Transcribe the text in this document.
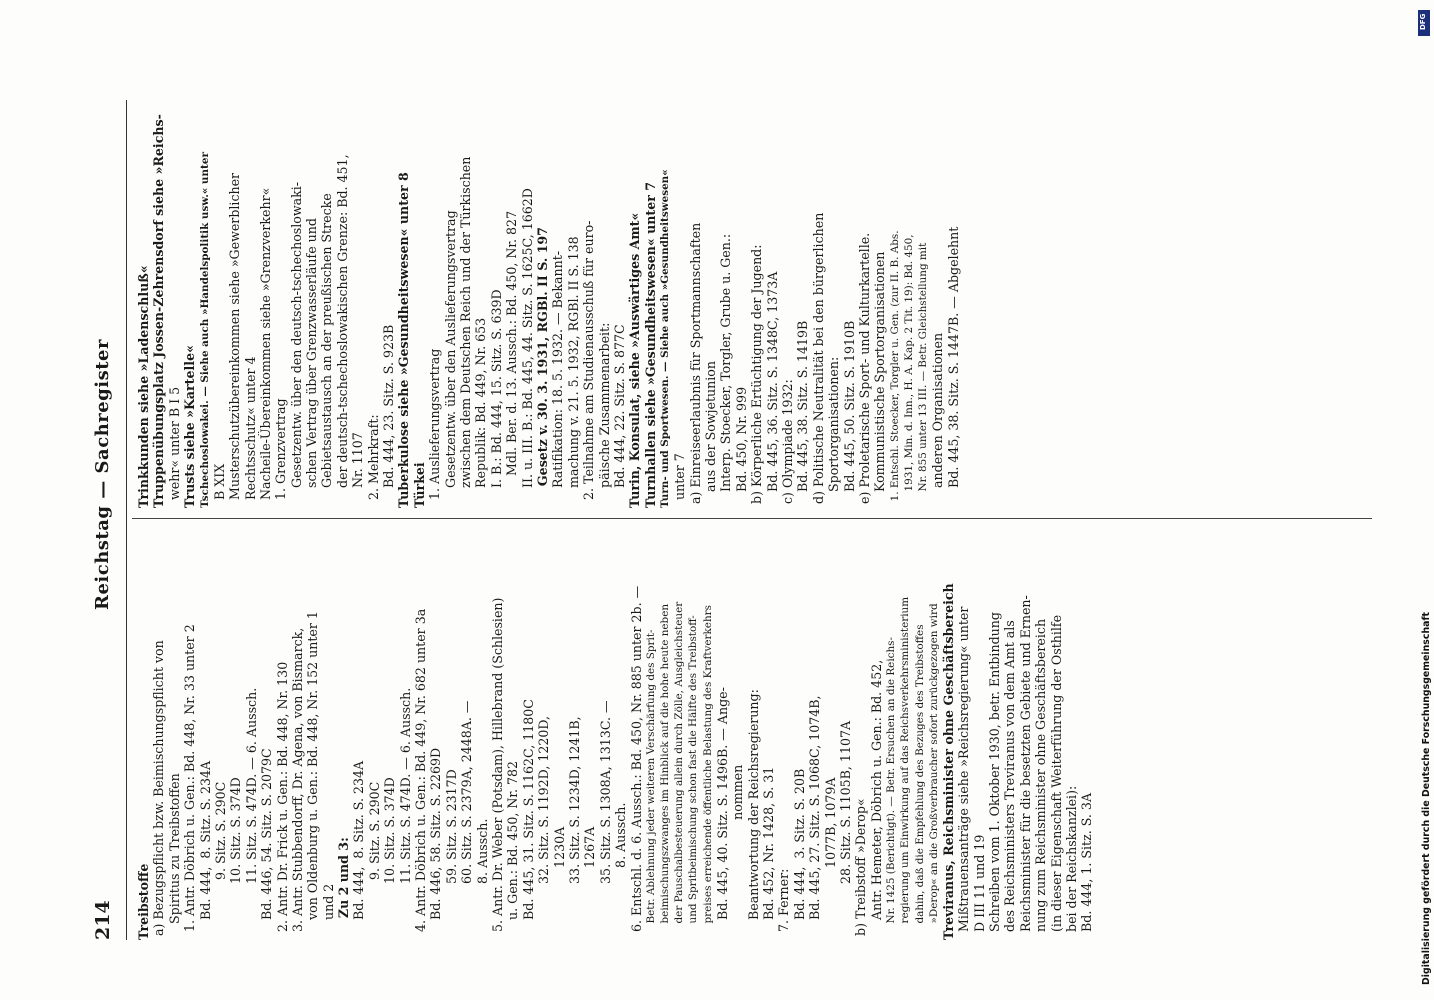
214
Reichstag — Sachregister
Treibstoffe a) Bezugspflicht bzw. Beimischungspflicht von Spiritus zu Treibstoffen 1. Antr. Döbrich u. Gen.: Bd. 448, Nr. 33 unter 2 Bd. 444,  8. Sitz. S. 234A 9. Sitz. S. 290C 10. Sitz. S. 374D 11. Sitz. S. 474D. — 6. Aussch. Bd. 446, 54. Sitz. S. 2079C 2. Antr. Dr. Frick u. Gen.: Bd. 448, Nr. 130 3. Antr. Stubbendorff, Dr. Agena, von Bismarck, von Oldenburg u. Gen.: Bd. 448, Nr. 152 unter 1 und 2 Zu 2 und 3: Bd. 444,  8. Sitz. S. 234A 9. Sitz. S. 290C 10. Sitz. S. 374D 11. Sitz. S. 474D. — 6. Aussch. 4. Antr. Döbrich u. Gen.: Bd. 449, Nr. 682 unter 3a Bd. 446, 58. Sitz. S. 2269D 59. Sitz. S. 2317D 60. Sitz. S. 2379A, 2448A. — 8. Aussch. 5. Antr. Dr. Weber (Potsdam), Hillebrand (Schlesien) u. Gen.: Bd. 450, Nr. 782 Bd. 445, 31. Sitz. S. 1162C, 1180C 32. Sitz. S. 1192D, 1220D, 1230A 33. Sitz. S. 1234D, 1241B, 1267A 35. Sitz. S. 1308A, 1313C. — 8. Aussch. 6. Entschl. d. 6. Aussch.: Bd. 450, Nr. 885 unter 2b. — Betr. Ablehnung jeder weiteren Verschärfung des Sprit- beimischungszwanges im Hinblick auf die hohe heute neben der Pauschalbesteuerung allein durch Zölle, Ausgleichsteuer und Spritbeimischung schon fast die Hälfte des Treibstoff- preises erreichende öffentliche Belastung des Kraftverkehrs Bd. 445, 40. Sitz. S. 1496B. — Ange- nommen Beantwortung der Reichsregierung: Bd. 452, Nr. 1428, S. 31 7. Ferner: Bd. 444,  3. Sitz. S. 20B Bd. 445, 27. Sitz. S. 1068C, 1074B, 1077B, 1079A 28. Sitz. S. 1105B, 1107A b) Treibstoff »Derop« Antr. Hemeter, Döbrich u. Gen.: Bd. 452, Nr. 1425 (Berichtigt). — Betr. Ersuchen an die Reichs- regierung um Einwirkung auf das Reichsverkehrsministerium dahin, daß die Empfehlung des Bezuges des Treibstoffes »Derop« an die Großverbraucher sofort zurückgezogen wird Treviranus, Reichsminister ohne Geschäftsbereich Mißtrauensanträge siehe »Reichsregierung« unter D III 11 und 19 Schreiben vom 1. Oktober 1930, betr. Entbindung des Reichsministers Treviranus von dem Amt als Reichsminister für die besetzten Gebiete und Ernen- nung zum Reichsminister ohne Geschäftsbereich (in dieser Eigenschaft Weiterführung der Osthilfe bei der Reichskanzlei): Bd. 444, 1. Sitz. S. 3A
Trinkkunden siehe »Ladenschluß« Truppenübungsplatz Jossen-Zehrensdorf siehe »Reichs- wehr« unter B I 5 Trusts siehe »Kartelle« Tschechoslowakei. — Siehe auch »Handelspolitik usw.« unter B XIX Musterschutzübereinkommen siehe »Gewerblicher Rechtsschutz« unter 4 Nacheile-Übereinkommen siehe »Grenzverkehr« 1. Grenzvertrag Gesetzentw. über den deutsch-tschechoslowaki- schen Vertrag über Grenzwasserläufe und Gebietsaustausch an der preußischen Strecke der deutsch-tschechoslowakischen Grenze: Bd. 451, Nr. 1107 2. Mehrkraft: Bd. 444, 23. Sitz. S. 923B Tuberkulose siehe »Gesundheitswesen« unter 8 Türkei 1. Auslieferungsvertrag Gesetzentw. über den Auslieferungsvertrag zwischen dem Deutschen Reich und der Türkischen Republik: Bd. 449, Nr. 653 I. B.: Bd. 444, 15. Sitz. S. 639D Mdl. Ber. d. 13. Aussch.: Bd. 450, Nr. 827 II. u. III. B.: Bd. 445, 44. Sitz. S. 1625C, 1662D Gesetz v. 30. 3. 1931, RGBl. II S. 197 Ratifikation: 18. 5. 1932. — Bekannt- machung v. 21. 5. 1932, RGBl. II S. 138 2. Teilnahme am Studienausschuß für euro- päische Zusammenarbeit: Bd. 444, 22. Sitz. S. 877C Turin, Konsulat, siehe »Auswärtiges Amt« Turnhallen siehe »Gesundheitswesen« unter 7 Turn- und Sportwesen. — Siehe auch »Gesundheitswesen« unter 7 a) Einreiseerlaubnis für Sportmannschaften aus der Sowjetunion Interp. Stoecker, Torgler, Grube u. Gen.: Bd. 450, Nr. 999 b) Körperliche Ertüchtigung der Jugend: Bd. 445, 36. Sitz. S. 1348C, 1373A c) Olympiade 1932: Bd. 445, 38. Sitz. S. 1419B d) Politische Neutralität bei den bürgerlichen Sportorganisationen: Bd. 445, 50. Sitz. S. 1910B e) Proletarische Sport- und Kulturkartelle. Kommunistische Sportorganisationen 1. Entschl. Stoecker, Torgler u. Gen. (zur II. B. Abs. 1931, Min. d. Inn., H. A. Kap. 2 Tit. 19): Bd. 450, Nr. 855 unter 13 III. — Betr. Gleichstellung mit anderen Organisationen Bd. 445, 38. Sitz. S. 1447B. — Abgelehnt
DFG
Digitalisierung gefördert durch die Deutsche Forschungsgemeinschaft
